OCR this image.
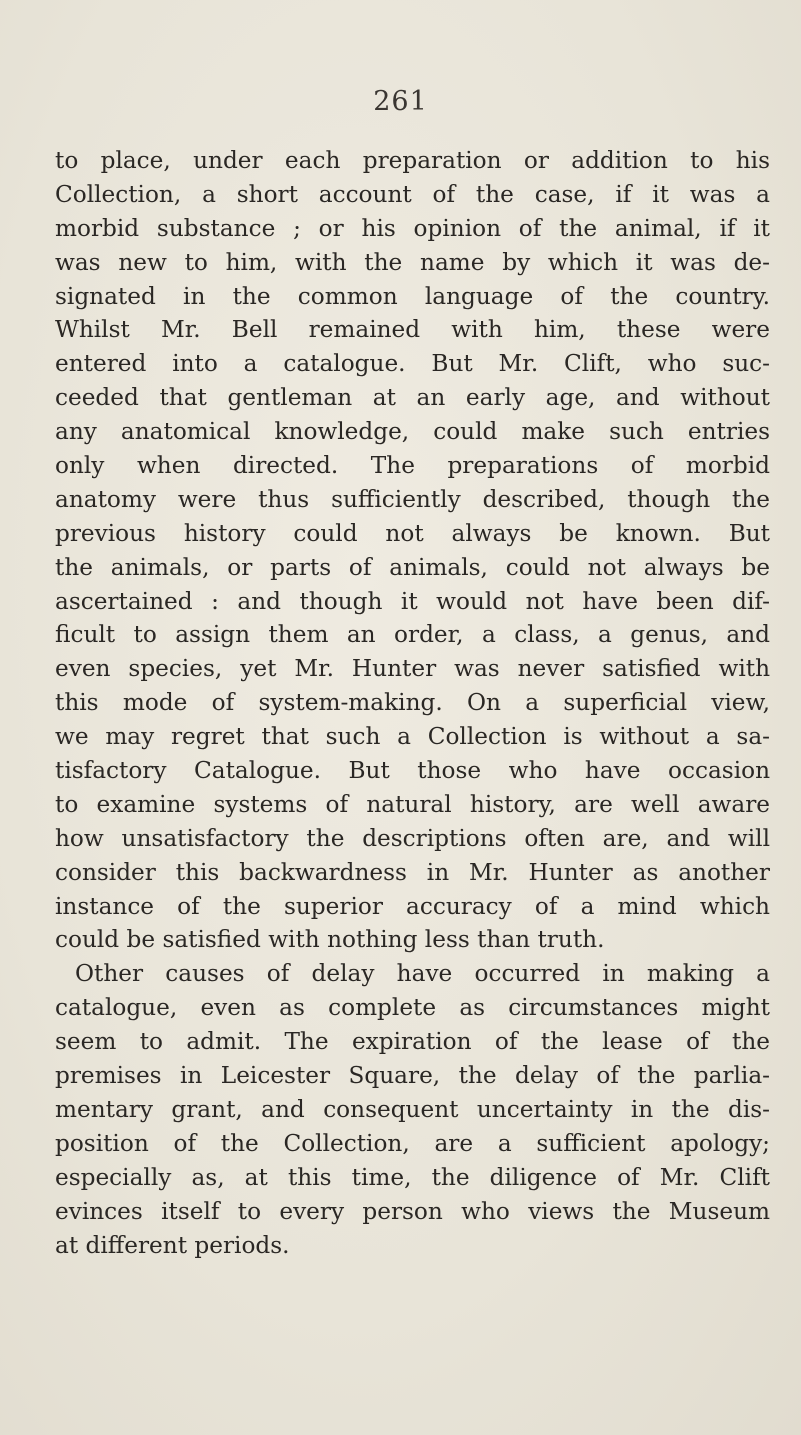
261
to place, under each preparation or addition to his
Collection, a short account of the case, if it was a
morbid substance ; or his opinion of the animal, if it
was new to him, with the name by which it was de-
signated in the common language of the country.
Whilst Mr. Bell remained with him, these were
entered into a catalogue. But Mr. Clift, who suc-
ceeded that gentleman at an early age, and without
any anatomical knowledge, could make such entries
only when directed. The preparations of morbid
anatomy were thus sufficiently described, though the
previous history could not always be known. But
the animals, or parts of animals, could not always be
ascertained : and though it would not have been dif-
ficult to assign them an order, a class, a genus, and
even species, yet Mr. Hunter was never satisfied with
this mode of system-making. On a superficial view,
we may regret that such a Collection is without a sa-
tisfactory Catalogue. But those who have occasion
to examine systems of natural history, are well aware
how unsatisfactory the descriptions often are, and will
consider this backwardness in Mr. Hunter as another
instance of the superior accuracy of a mind which
could be satisfied with nothing less than truth.
Other causes of delay have occurred in making a
catalogue, even as complete as circumstances might
seem to admit. The expiration of the lease of the
premises in Leicester Square, the delay of the parlia-
mentary grant, and consequent uncertainty in the dis-
position of the Collection, are a sufficient apology;
especially as, at this time, the diligence of Mr. Clift
evinces itself to every person who views the Museum
at different periods.
